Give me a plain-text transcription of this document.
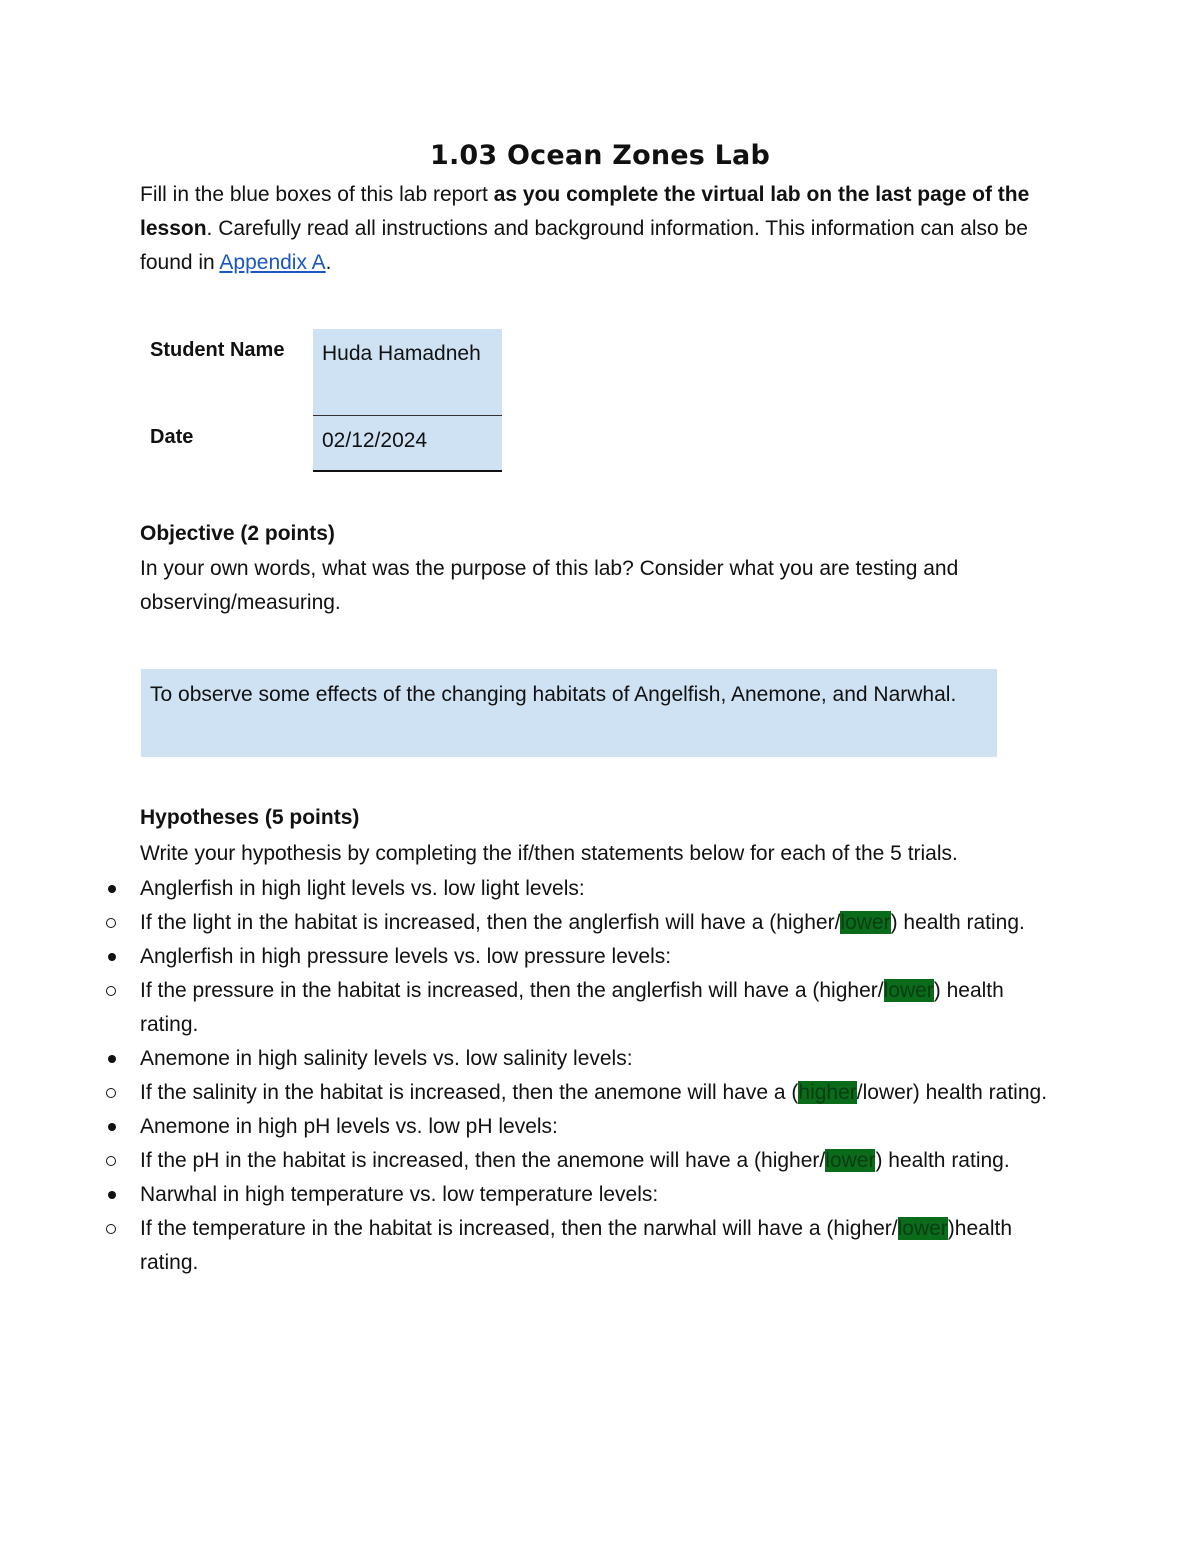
1.03 Ocean Zones Lab
Fill in the blue boxes of this lab report as you complete the virtual lab on the last page of the lesson. Carefully read all instructions and background information. This information can also be found in Appendix A.
Student Name	Huda Hamadneh
Date	02/12/2024
Objective (2 points)
In your own words, what was the purpose of this lab? Consider what you are testing and observing/measuring.
To observe some effects of the changing habitats of Angelfish, Anemone, and Narwhal.
Hypotheses (5 points)
Write your hypothesis by completing the if/then statements below for each of the 5 trials.
Anglerfish in high light levels vs. low light levels:
If the light in the habitat is increased, then the anglerfish will have a (higher/lower) health rating.
Anglerfish in high pressure levels vs. low pressure levels:
If the pressure in the habitat is increased, then the anglerfish will have a (higher/lower) health rating.
Anemone in high salinity levels vs. low salinity levels:
If the salinity in the habitat is increased, then the anemone will have a (higher/lower) health rating.
Anemone in high pH levels vs. low pH levels:
If the pH in the habitat is increased, then the anemone will have a (higher/lower) health rating.
Narwhal in high temperature vs. low temperature levels:
If the temperature in the habitat is increased, then the narwhal will have a (higher/lower)health rating.
